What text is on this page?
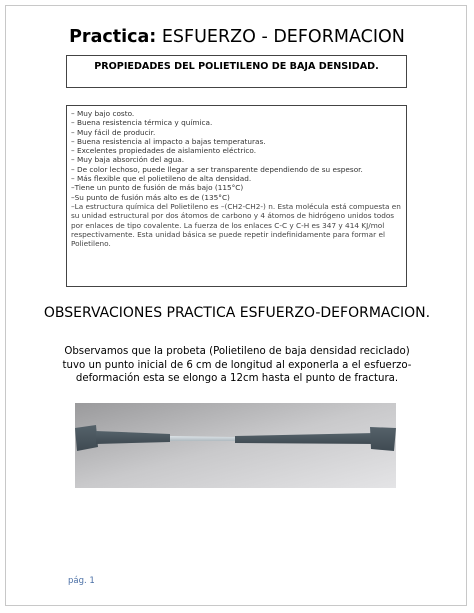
Practica: ESFUERZO - DEFORMACION
PROPIEDADES DEL POLIETILENO DE BAJA DENSIDAD.
– Muy bajo costo.
– Buena resistencia térmica y química.
– Muy fácil de producir.
– Buena resistencia al impacto a bajas temperaturas.
– Excelentes propiedades de aislamiento eléctrico.
– Muy baja absorción del agua.
– De color lechoso, puede llegar a ser transparente dependiendo de su espesor.
– Más flexible que el polietileno de alta densidad.
–Tiene un punto de fusión de más bajo (115°C)
–Su punto de fusión más alto es de (135°C)
–La estructura química del Polietileno es –(CH2-CH2-) n. Esta molécula está compuesta en su unidad estructural por dos átomos de carbono y 4 átomos de hidrógeno unidos todos por enlaces de tipo covalente. La fuerza de los enlaces C-C y C-H es 347 y 414 KJ/mol respectivamente. Esta unidad básica se puede repetir indefinidamente para formar el Polietileno.
OBSERVACIONES PRACTICA ESFUERZO-DEFORMACION.
Observamos que la probeta (Polietileno de baja densidad reciclado) tuvo un punto inicial de 6 cm de longitud al exponerla a el esfuerzo-deformación esta se elongo a 12cm hasta el punto de fractura.
pág. 1
